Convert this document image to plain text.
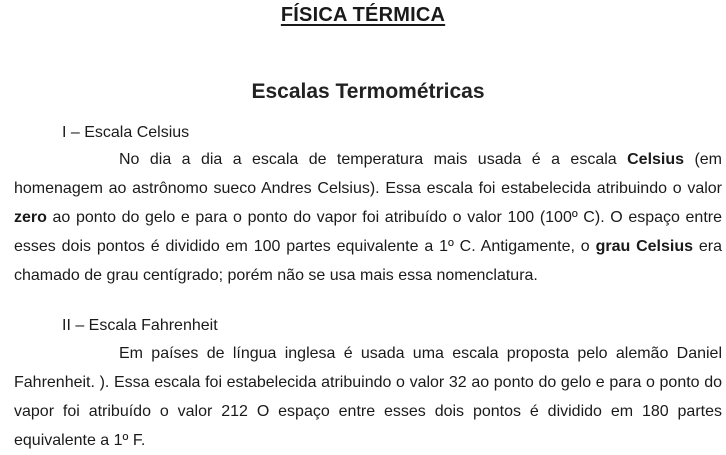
FÍSICA TÉRMICA
Escalas Termométricas
I – Escala Celsius

No dia a dia a escala de temperatura mais usada é a escala Celsius (em homenagem ao astrônomo sueco Andres Celsius). Essa escala foi estabelecida atribuindo o valor zero ao ponto do gelo e para o ponto do vapor foi atribuído o valor 100 (100º C). O espaço entre esses dois pontos é dividido em 100 partes equivalente a 1º C. Antigamente, o grau Celsius era chamado de grau centígrado; porém não se usa mais essa nomenclatura.

II – Escala Fahrenheit

Em países de língua inglesa é usada uma escala proposta pelo alemão Daniel Fahrenheit. ). Essa escala foi estabelecida atribuindo o valor 32 ao ponto do gelo e para o ponto do vapor foi atribuído o valor 212 O espaço entre esses dois pontos é dividido em 180 partes equivalente a 1º F.
